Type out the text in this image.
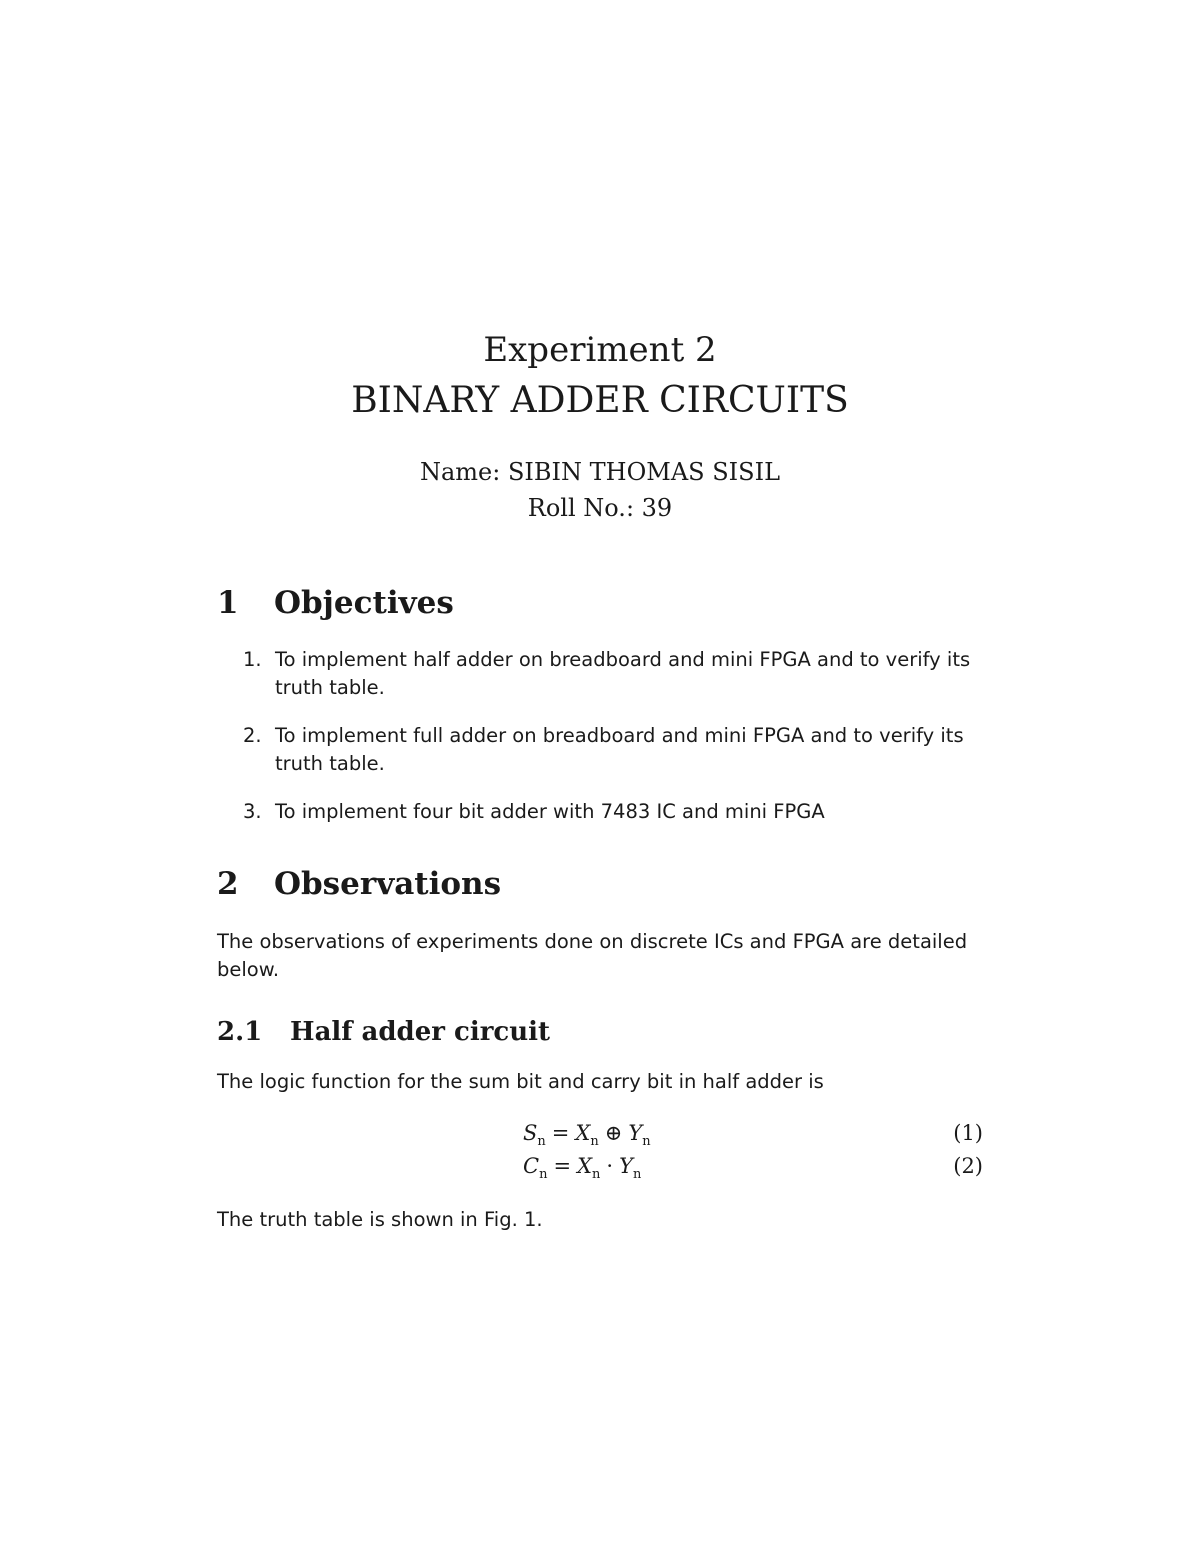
Experiment 2
BINARY ADDER CIRCUITS
Name: SIBIN THOMAS SISIL
Roll No.: 39
1 Objectives
1. To implement half adder on breadboard and mini FPGA and to verify its truth table.
2. To implement full adder on breadboard and mini FPGA and to verify its truth table.
3. To implement four bit adder with 7483 IC and mini FPGA
2 Observations
The observations of experiments done on discrete ICs and FPGA are detailed below.
2.1 Half adder circuit
The logic function for the sum bit and carry bit in half adder is
$S_n = X_n$ ⊕ $Y_n$	(1)
$C_n = X_n \cdot Y_n$	(2)
The truth table is shown in Fig. 1.
